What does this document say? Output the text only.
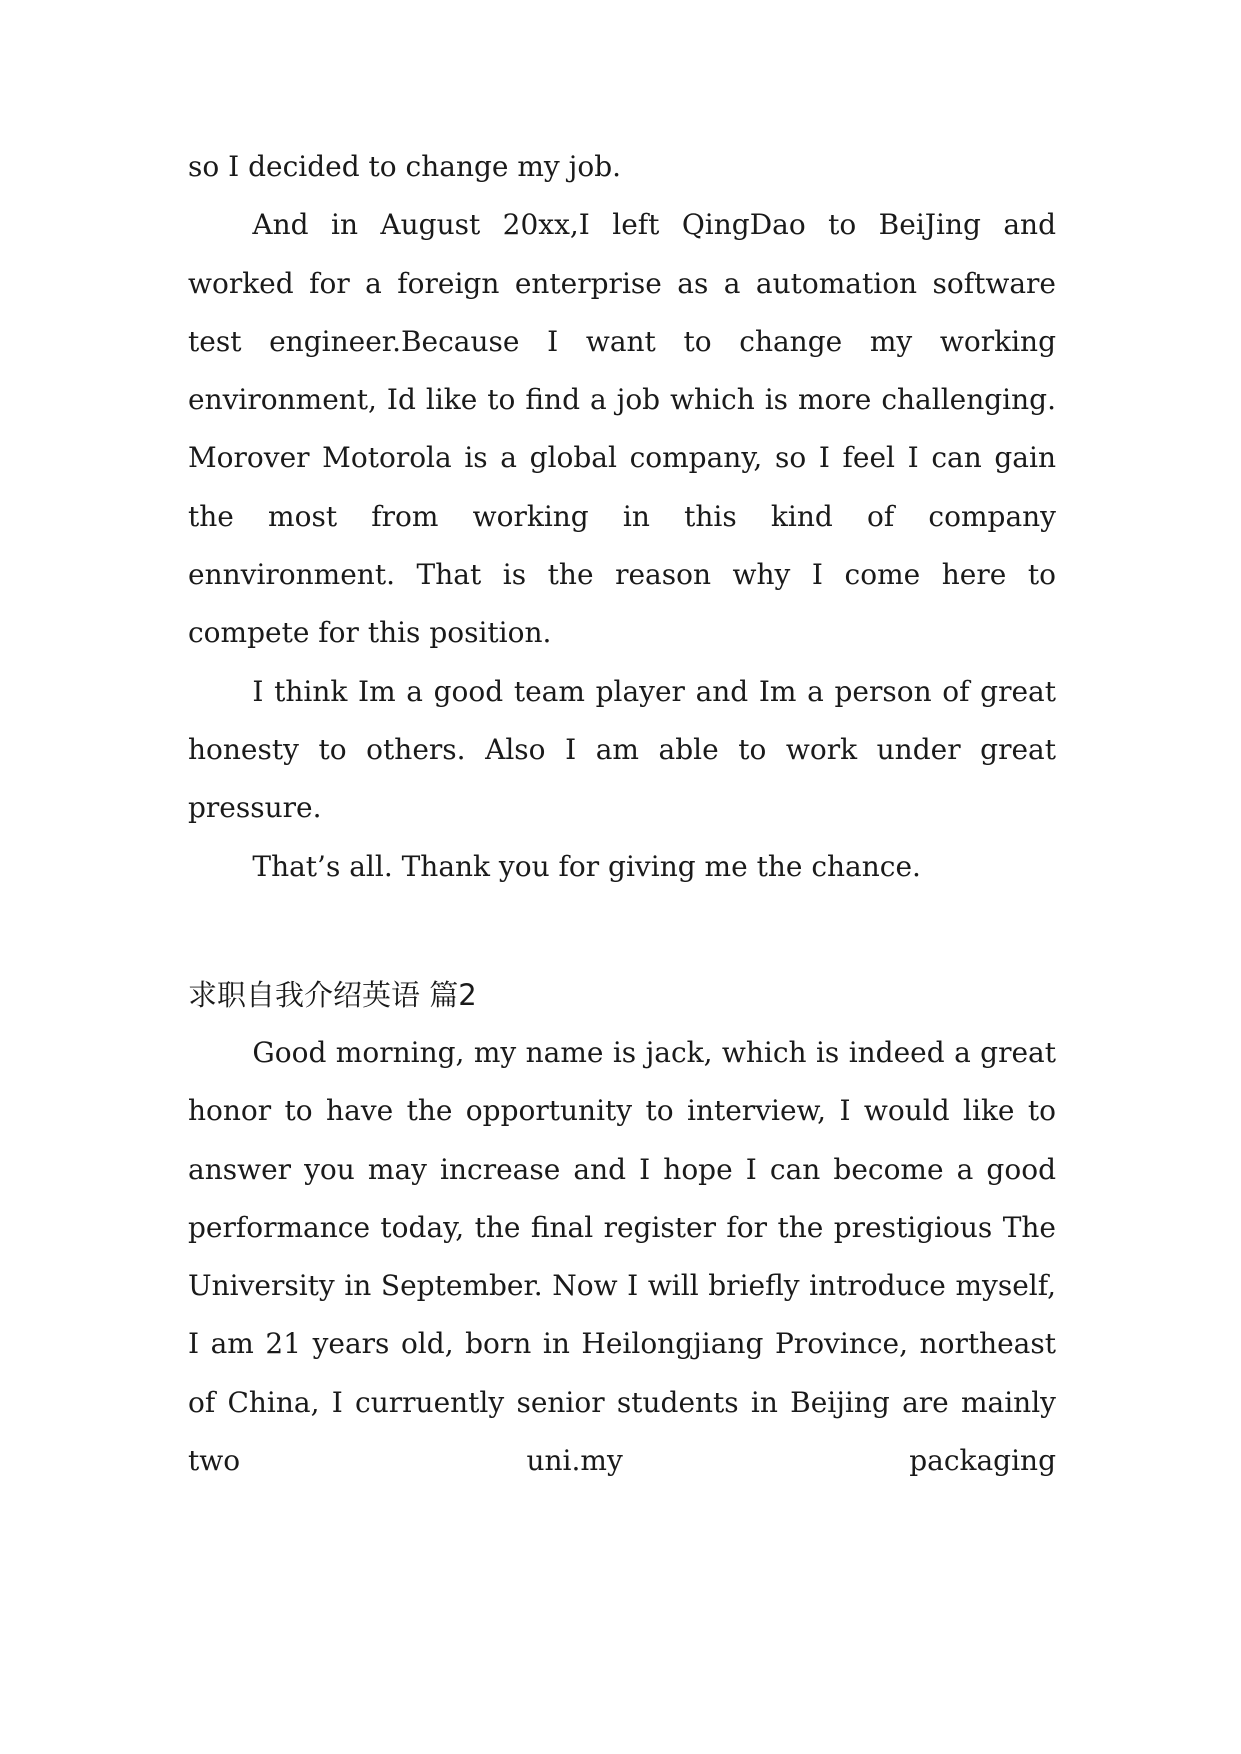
so I decided to change my job.

And in August 20xx,I left QingDao to BeiJing and worked for a foreign enterprise as a automation software test engineer.Because I want to change my working environment, Id like to find a job which is more challenging. Morover Motorola is a global company, so I feel I can gain the most from working in this kind of company ennvironment. That is the reason why I come here to compete for this position.

I think Im a good team player and Im a person of great honesty to others. Also I am able to work under great pressure.

That’s all. Thank you for giving me the chance.

求职自我介绍英语 篇2

Good morning, my name is jack, which is indeed a great honor to have the opportunity to interview, I would like to answer you may increase and I hope I can become a good performance today, the final register for the prestigious The University in September. Now I will briefly introduce myself, I am 21 years old, born in Heilongjiang Province, northeast of China, I curruently senior students in Beijing are mainly two uni.my packaging
